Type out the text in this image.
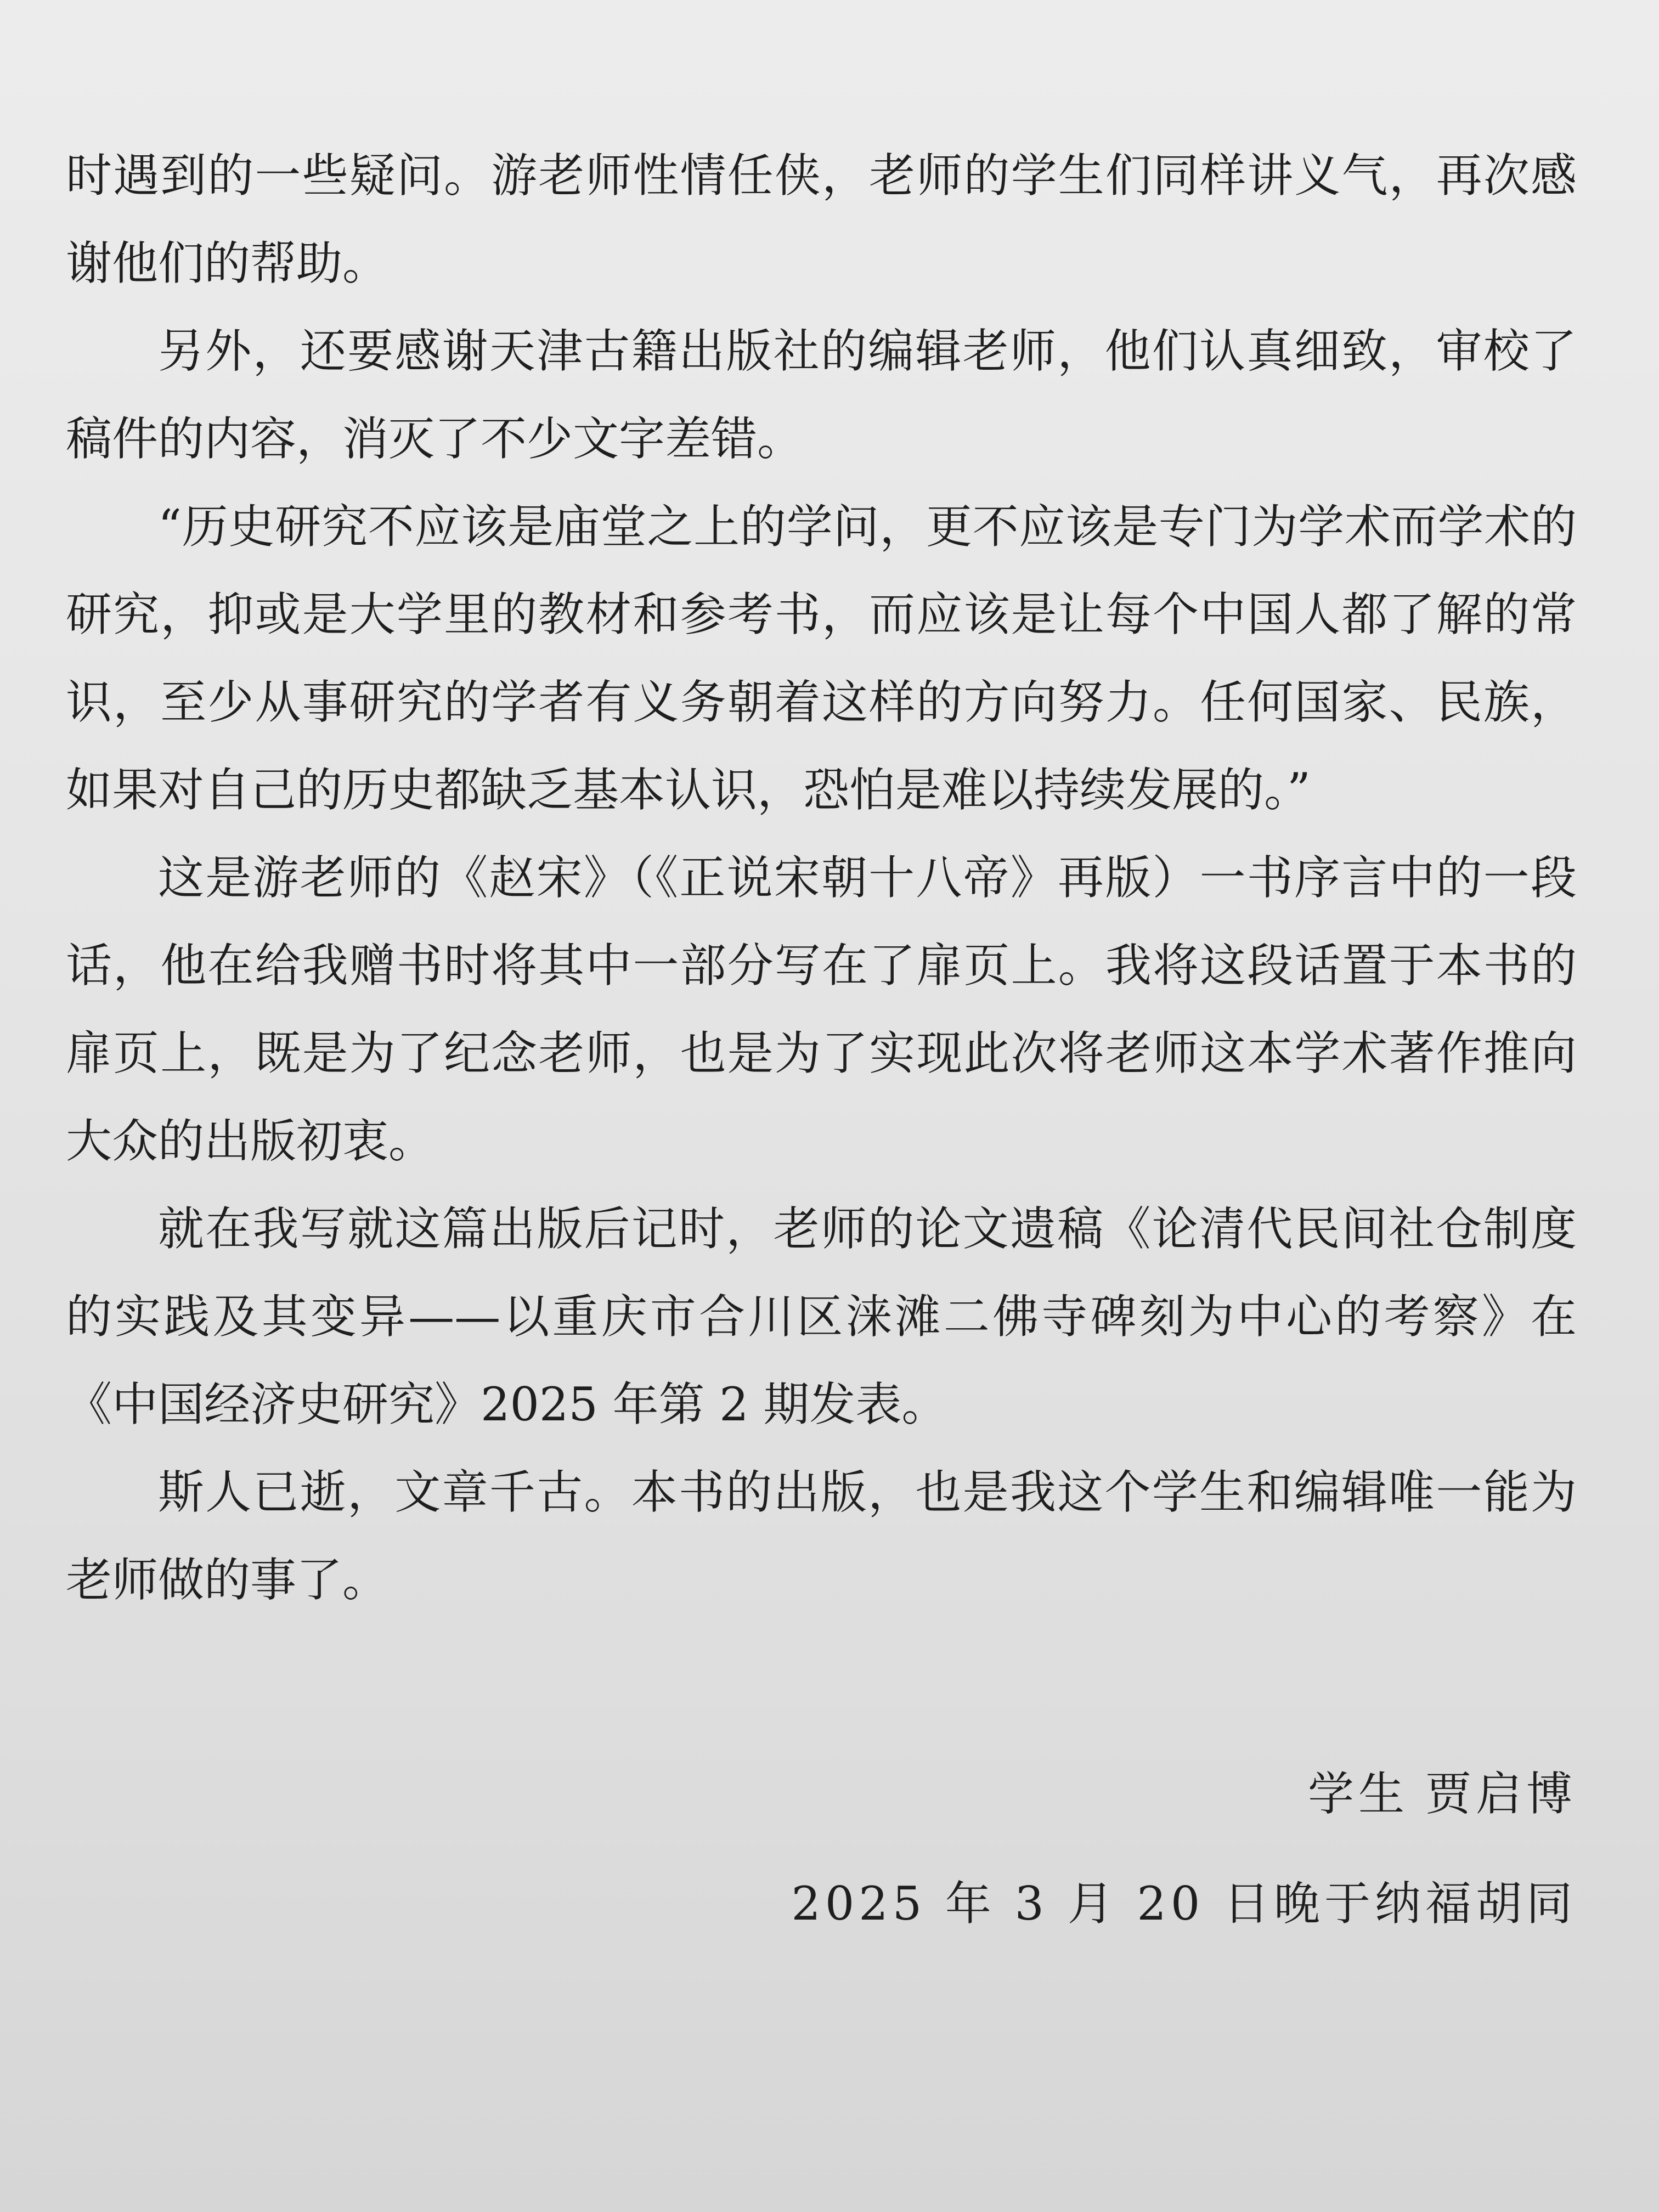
时遇到的一些疑问。游老师性情任侠，老师的学生们同样讲义气，再次感谢他们的帮助。

另外，还要感谢天津古籍出版社的编辑老师，他们认真细致，审校了稿件的内容，消灭了不少文字差错。

“历史研究不应该是庙堂之上的学问，更不应该是专门为学术而学术的研究，抑或是大学里的教材和参考书，而应该是让每个中国人都了解的常识，至少从事研究的学者有义务朝着这样的方向努力。任何国家、民族，如果对自己的历史都缺乏基本认识，恐怕是难以持续发展的。”

这是游老师的《赵宋》（《正说宋朝十八帝》再版）一书序言中的一段话，他在给我赠书时将其中一部分写在了扉页上。我将这段话置于本书的扉页上，既是为了纪念老师，也是为了实现此次将老师这本学术著作推向大众的出版初衷。

就在我写就这篇出版后记时，老师的论文遗稿《论清代民间社仓制度的实践及其变异——以重庆市合川区涞滩二佛寺碑刻为中心的考察》在《中国经济史研究》2025 年第 2 期发表。

斯人已逝，文章千古。本书的出版，也是我这个学生和编辑唯一能为老师做的事了。

学生 贾启博

2025 年 3 月 20 日晚于纳福胡同
